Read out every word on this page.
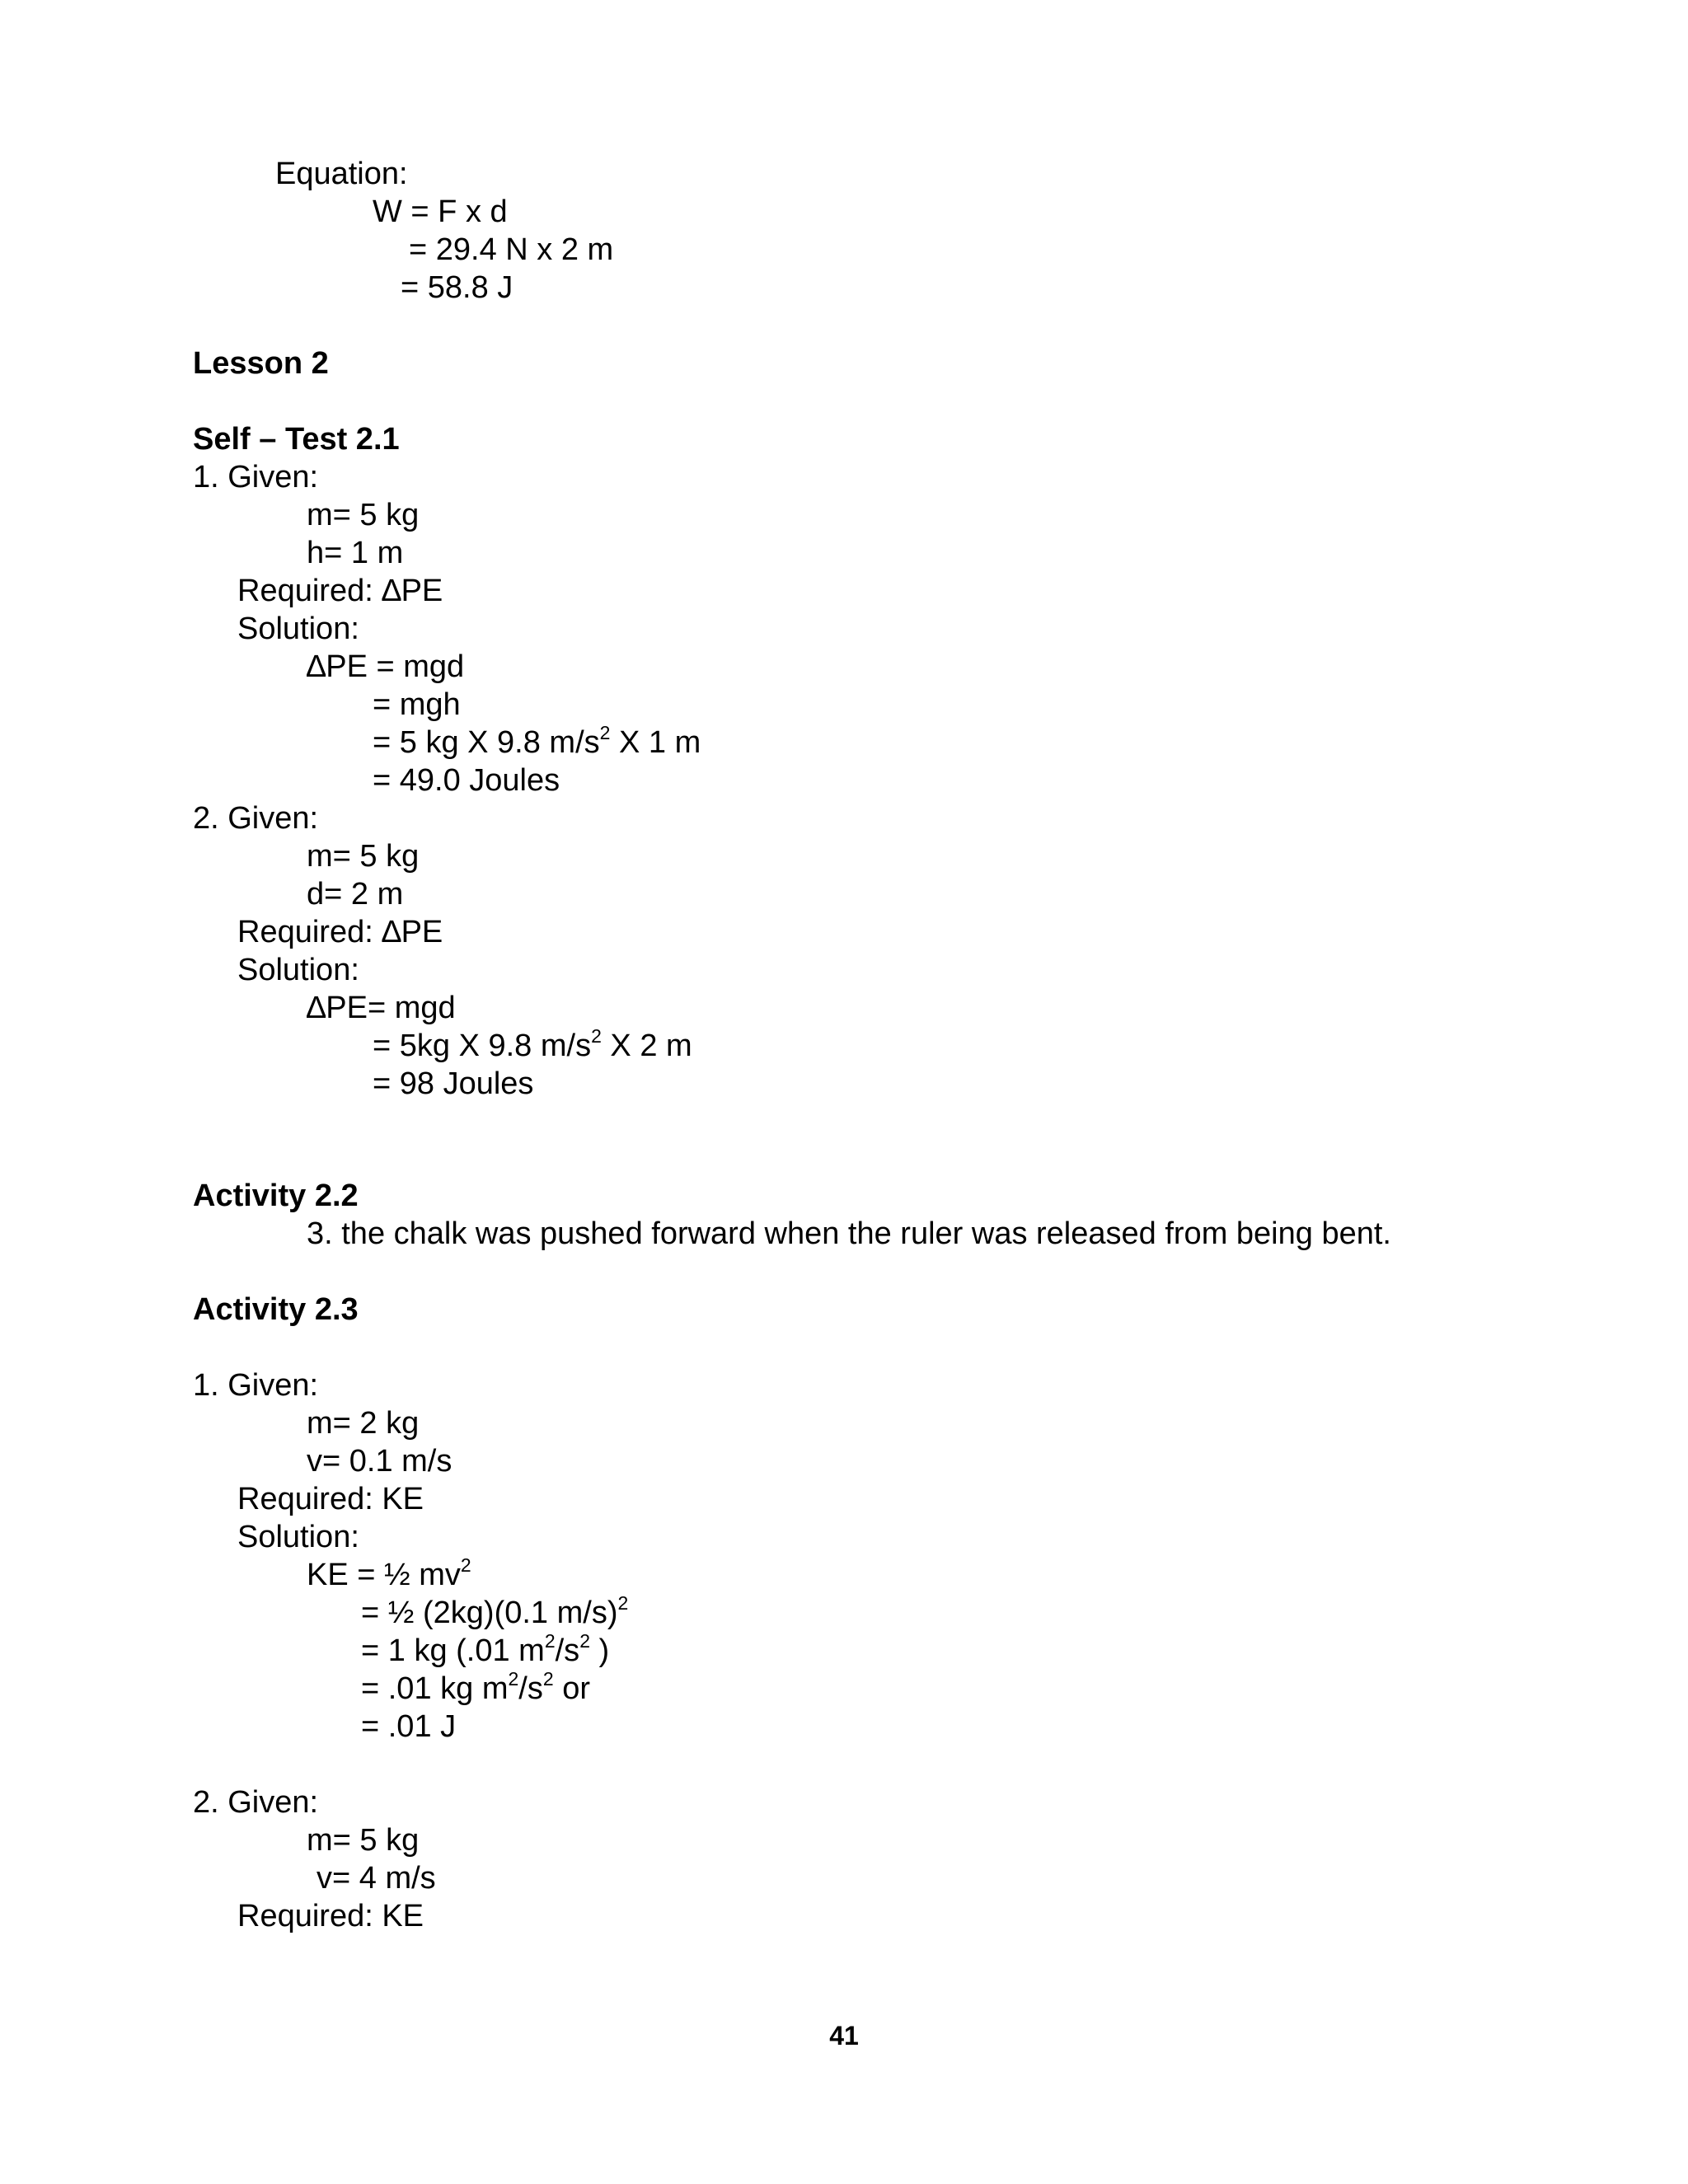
Equation:
W = F x d
= 29.4 N x 2 m
= 58.8 J
Lesson 2
Self – Test 2.1
1. Given:
m= 5 kg
h= 1 m
Required: ∆PE
Solution:
∆PE = mgd
= mgh
= 5 kg X 9.8 $m/s^2$ X 1 m
= 49.0 Joules
2. Given:
m= 5 kg
d= 2 m
Required: ∆PE
Solution:
∆PE= mgd
= 5kg X 9.8 $m/s^2$ X 2 m
= 98 Joules
Activity 2.2
3. the chalk was pushed forward when the ruler was released from being bent.
Activity 2.3
1. Given:
m= 2 kg
v= 0.1 m/s
Required: KE
Solution:
KE = ½ $mv^2$
= ½ (2kg)(0.1 m/s)$^2$
= 1 kg (.01 $m^2/s^2$ )
= .01 kg $m^2/s^2$ or
= .01 J
2. Given:
m= 5 kg
v= 4 m/s
Required: KE
41
